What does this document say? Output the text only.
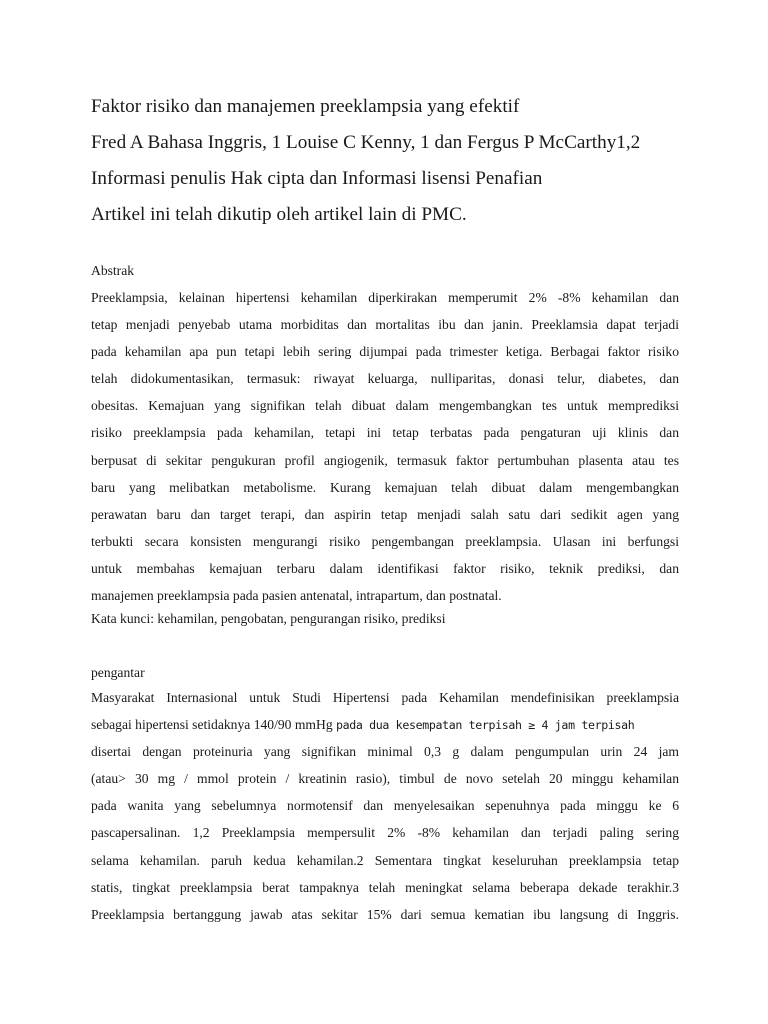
Faktor risiko dan manajemen preeklampsia yang efektif
Fred A Bahasa Inggris, 1 Louise C Kenny, 1 dan Fergus P McCarthy1,2
Informasi penulis Hak cipta dan Informasi lisensi Penafian
Artikel ini telah dikutip oleh artikel lain di PMC.
Abstrak
Preeklampsia, kelainan hipertensi kehamilan diperkirakan memperumit 2% -8% kehamilan dan
tetap menjadi penyebab utama morbiditas dan mortalitas ibu dan janin. Preeklamsia dapat terjadi
pada kehamilan apa pun tetapi lebih sering dijumpai pada trimester ketiga. Berbagai faktor risiko
telah didokumentasikan, termasuk: riwayat keluarga, nulliparitas, donasi telur, diabetes, dan
obesitas. Kemajuan yang signifikan telah dibuat dalam mengembangkan tes untuk memprediksi
risiko preeklampsia pada kehamilan, tetapi ini tetap terbatas pada pengaturan uji klinis dan
berpusat di sekitar pengukuran profil angiogenik, termasuk faktor pertumbuhan plasenta atau tes
baru yang melibatkan metabolisme. Kurang kemajuan telah dibuat dalam mengembangkan
perawatan baru dan target terapi, dan aspirin tetap menjadi salah satu dari sedikit agen yang
terbukti secara konsisten mengurangi risiko pengembangan preeklampsia. Ulasan ini berfungsi
untuk membahas kemajuan terbaru dalam identifikasi faktor risiko, teknik prediksi, dan
manajemen preeklampsia pada pasien antenatal, intrapartum, dan postnatal.
Kata kunci: kehamilan, pengobatan, pengurangan risiko, prediksi
pengantar
Masyarakat Internasional untuk Studi Hipertensi pada Kehamilan mendefinisikan preeklampsia
sebagai hipertensi setidaknya 140/90 mmHg pada dua kesempatan terpisah ≥ 4 jam terpisah
disertai dengan proteinuria yang signifikan minimal 0,3 g dalam pengumpulan urin 24 jam
(atau> 30 mg / mmol protein / kreatinin rasio), timbul de novo setelah 20 minggu kehamilan
pada wanita yang sebelumnya normotensif dan menyelesaikan sepenuhnya pada minggu ke 6
pascapersalinan. 1,2 Preeklampsia mempersulit 2% -8% kehamilan dan terjadi paling sering
selama kehamilan. paruh kedua kehamilan.2 Sementara tingkat keseluruhan preeklampsia tetap
statis, tingkat preeklampsia berat tampaknya telah meningkat selama beberapa dekade terakhir.3
Preeklampsia bertanggung jawab atas sekitar 15% dari semua kematian ibu langsung di Inggris.
